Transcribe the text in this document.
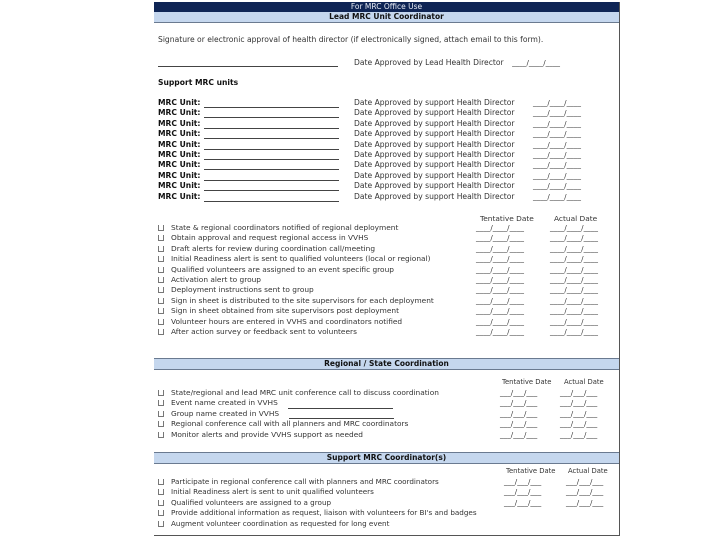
For MRC Office Use
Lead MRC Unit Coordinator
Signature or electronic approval of health director (if electronically signed, attach email to this form).
Date Approved by Lead Health Director ____/____/____
Support MRC units
MRC Unit:	Date Approved by support Health Director	____/____/____
MRC Unit:	Date Approved by support Health Director	____/____/____
MRC Unit:	Date Approved by support Health Director	____/____/____
MRC Unit:	Date Approved by support Health Director	____/____/____
MRC Unit:	Date Approved by support Health Director	____/____/____
MRC Unit:	Date Approved by support Health Director	____/____/____
MRC Unit:	Date Approved by support Health Director	____/____/____
MRC Unit:	Date Approved by support Health Director	____/____/____
MRC Unit:	Date Approved by support Health Director	____/____/____
MRC Unit:	Date Approved by support Health Director	____/____/____
Tentative Date	Actual Date
State & regional coordinators notified of regional deployment	____/____/____	____/____/____
Obtain approval and request regional access in VVHS	____/____/____	____/____/____
Draft alerts for review during coordination call/meeting	____/____/____	____/____/____
Initial Readiness alert is sent to qualified volunteers (local or regional)	____/____/____	____/____/____
Qualified volunteers are assigned to an event specific group	____/____/____	____/____/____
Activation alert to group	____/____/____	____/____/____
Deployment instructions sent to group	____/____/____	____/____/____
Sign in sheet is distributed to the site supervisors for each deployment	____/____/____	____/____/____
Sign in sheet obtained from site supervisors post deployment	____/____/____	____/____/____
Volunteer hours are entered in VVHS and coordinators notified	____/____/____	____/____/____
After action survey or feedback sent to volunteers	____/____/____	____/____/____
Regional / State Coordination
Tentative Date Actual Date
State/regional and lead MRC unit conference call to discuss coordination	___/___/___	___/___/___
Event name created in VVHS	___/___/___	___/___/___
Group name created in VVHS	___/___/___	___/___/___
Regional conference call with all planners and MRC coordinators	___/___/___	___/___/___
Monitor alerts and provide VVHS support as needed	___/___/___	___/___/___
Support MRC Coordinator(s)
Tentative Date Actual Date
Participate in regional conference call with planners and MRC coordinators	___/___/___	___/___/___
Initial Readiness alert is sent to unit qualified volunteers	___/___/___	___/___/___
Qualified volunteers are assigned to a group	___/___/___	___/___/___
Provide additional information as request, liaison with volunteers for BI's and badges
Augment volunteer coordination as requested for long event
